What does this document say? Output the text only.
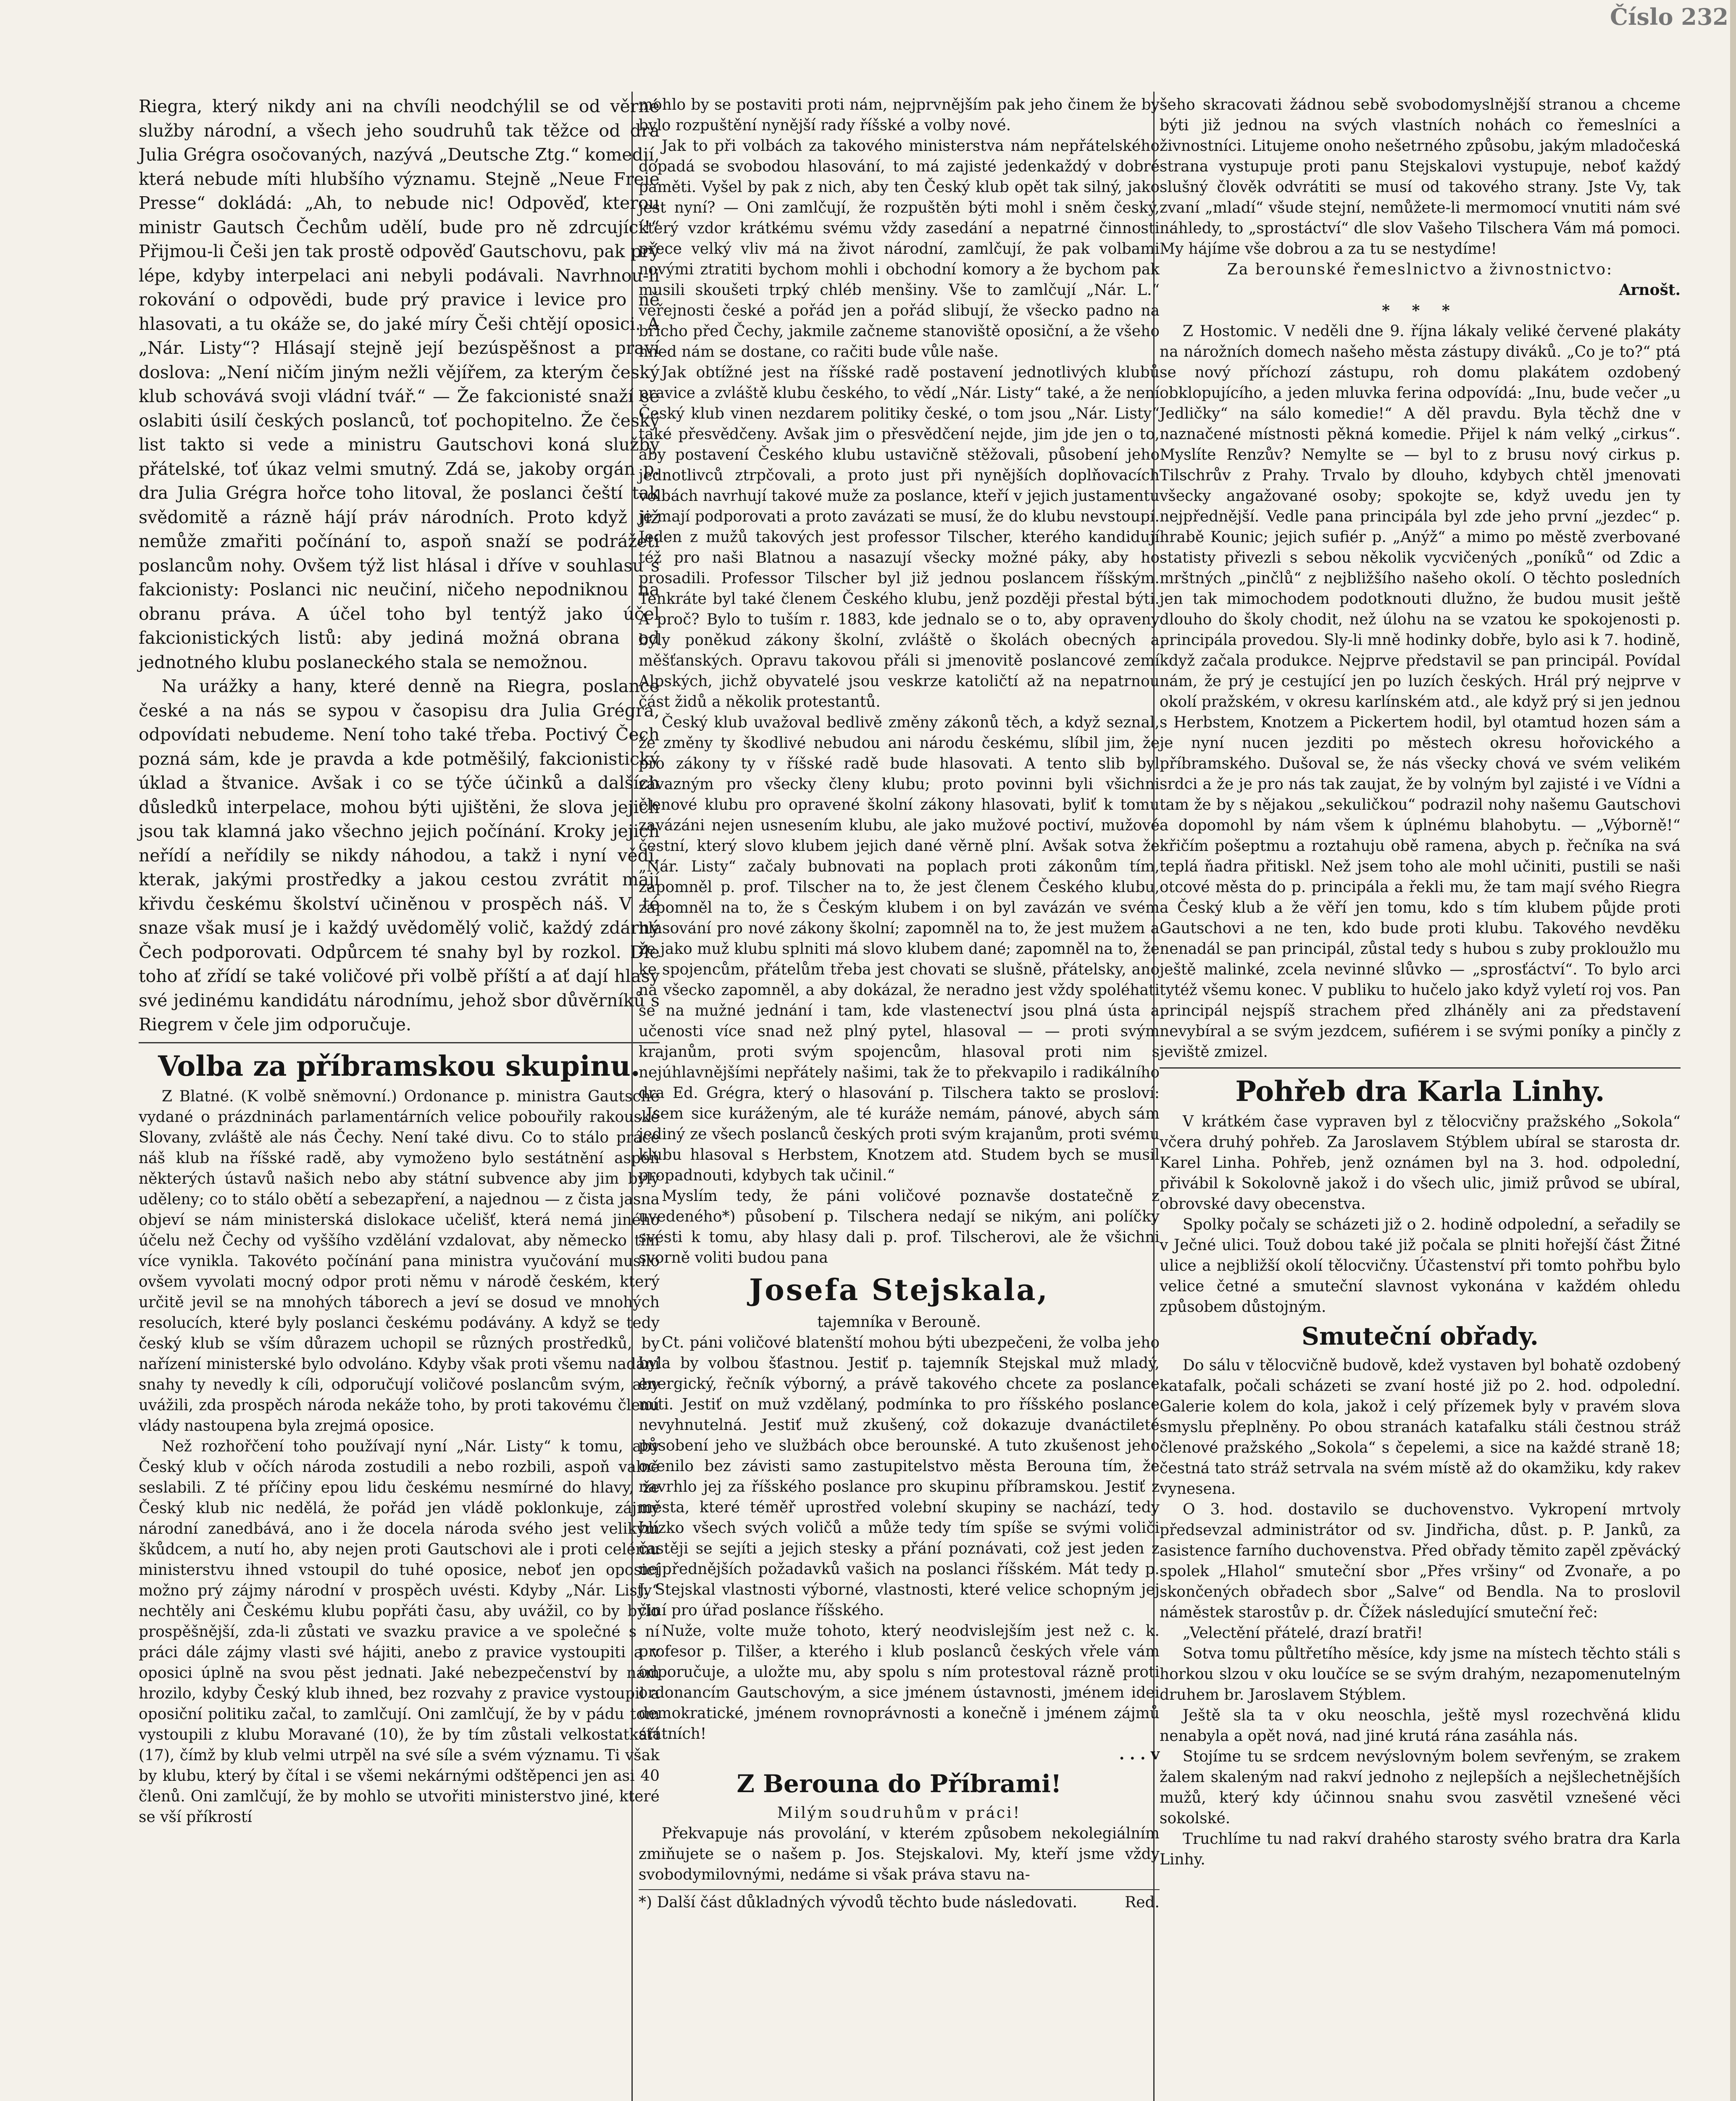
Číslo 232

Riegra, který nikdy ani na chvíli neodchýlil se od věrné služby národní, a všech jeho soudruhů tak těžce od dra Julia Grégra osočovaných, nazývá „Deutsche Ztg.“ komedií, která nebude míti hlubšího významu. Stejně „Neue Freie Presse“ dokládá: „Ah, to nebude nic! Odpověď, kterou ministr Gautsch Čechům udělí, bude pro ně zdrcující!“ Přijmou-li Češi jen tak prostě odpověď Gautschovu, pak prý lépe, kdyby interpelaci ani nebyli podávali. Navrhnou-li rokování o odpovědi, bude prý pravice i levice pro ně hlasovati, a tu okáže se, do jaké míry Češi chtějí oposici. A „Nár. Listy“? Hlásají stejně její bezúspěšnost a praví doslova: „Není ničím jiným nežli vějířem, za kterým český klub schovává svoji vládní tvář.“ — Že fakcionisté snaží se oslabiti úsilí českých poslanců, toť pochopitelno. Že český list takto si vede a ministru Gautschovi koná služby přátelské, toť úkaz velmi smutný. Zdá se, jakoby orgán p. dra Julia Grégra hořce toho litoval, že poslanci čeští tak svědomitě a rázně hájí práv národních. Proto když již nemůže zmařiti počínání to, aspoň snaží se podrážeti poslancům nohy. Ovšem týž list hlásal i dříve v souhlasu s fakcionisty: Poslanci nic neučiní, ničeho nepodniknou na obranu práva. A účel toho byl tentýž jako účel fakcionistických listů: aby jediná možná obrana od jednotného klubu poslaneckého stala se nemožnou.

Na urážky a hany, které denně na Riegra, poslance české a na nás se sypou v časopisu dra Julia Grégra, odpovídati nebudeme. Není toho také třeba. Poctivý Čech pozná sám, kde je pravda a kde potměšilý, fakcionistický úklad a štvanice. Avšak i co se týče účinků a dalších důsledků interpelace, mohou býti ujištěni, že slova jejich jsou tak klamná jako všechno jejich počínání. Kroky jejich neřídí a neřídily se nikdy náhodou, a takž i nyní vědí, kterak, jakými prostředky a jakou cestou zvrátit mají křivdu českému školství učiněnou v prospěch náš. V té snaze však musí je i každý uvědomělý volič, každý zdárný Čech podporovati. Odpůrcem té snahy byl by rozkol. Dle toho ať zřídí se také voličové při volbě příští a ať dají hlasy své jedinému kandidátu národnímu, jehož sbor důvěrníků s Riegrem v čele jim odporučuje.

Volba za příbramskou skupinu.

Z Blatné. (K volbě sněmovní.) Ordonance p. ministra Gautsche vydané o prázdninách parlamentárních velice pobouřily rakouské Slovany, zvláště ale nás Čechy. Není také divu. Co to stálo práce náš klub na říšské radě, aby vymoženo bylo sestátnění aspoň některých ústavů našich nebo aby státní subvence aby jim byly uděleny; co to stálo obětí a sebezapření, a najednou — z čista jasna objeví se nám ministerská dislokace učelišť, která nemá jiného účelu než Čechy od vyššího vzdělání vzdalovat, aby německo tím více vynikla. Takovéto počínání pana ministra vyučování musilo ovšem vyvolati mocný odpor proti němu v národě českém, který určitě jevil se na mnohých táborech a jeví se dosud ve mnohých resolucích, které byly poslanci českému podávány. A když se tedy český klub se vším důrazem uchopil se různých prostředků, by nařízení ministerské bylo odvoláno. Kdyby však proti všemu nadání snahy ty nevedly k cíli, odporučují voličové poslancům svým, aby uvážili, zda prospěch národa nekáže toho, by proti takovému členu vlády nastoupena byla zrejmá oposice.

Než rozhořčení toho používají nyní „Nár. Listy“ k tomu, aby Český klub v očích národa zostudili a nebo rozbili, aspoň valně seslabili. Z té příčiny epou lidu českému nesmírné do hlavy, že Český klub nic nedělá, že pořád jen vládě poklonkuje, zájmy národní zanedbává, ano i že docela národa svého jest velikým škůdcem, a nutí ho, aby nejen proti Gautschovi ale i proti celému ministerstvu ihned vstoupil do tuhé oposice, neboť jen oposicí možno prý zájmy národní v prospěch uvésti. Kdyby „Nár. Listy“ nechtěly ani Českému klubu popřáti času, aby uvážil, co by bylo prospěšnější, zda-li zůstati ve svazku pravice a ve společné s ní práci dále zájmy vlasti své hájiti, anebo z pravice vystoupiti a v oposici úplně na svou pěst jednati. Jaké nebezpečenství by nám hrozilo, kdyby Český klub ihned, bez rozvahy z pravice vystoupil a oposiční politiku začal, to zamlčují. Oni zamlčují, že by v pádu tom vystoupili z klubu Moravané (10), že by tím zůstali velkostatkáři (17), čímž by klub velmi utrpěl na své síle a svém významu. Ti však by klubu, který by čítal i se všemi nekárnými odštěpenci jen asi 40 členů. Oni zamlčují, že by mohlo se utvořiti ministerstvo jiné, které se vší příkrostí

mohlo by se postaviti proti nám, nejprvnějším pak jeho činem že by bylo rozpuštění nynější rady říšské a volby nové.

Jak to při volbách za takového ministerstva nám nepřátelského dopadá se svobodou hlasování, to má zajisté jedenkaždý v dobré paměti. Vyšel by pak z nich, aby ten Český klub opět tak silný, jako jest nyní? — Oni zamlčují, že rozpuštěn býti mohl i sněm český, který vzdor krátkému svému vždy zasedání a nepatrné činnosti přece velký vliv má na život národní, zamlčují, že pak volbami novými ztratiti bychom mohli i obchodní komory a že bychom pak musili skoušeti trpký chléb menšiny. Vše to zamlčují „Nár. L.“ veřejnosti české a pořád jen a pořád slibují, že všecko padno na břicho před Čechy, jakmile začneme stanoviště oposiční, a že všeho hned nám se dostane, co račiti bude vůle naše.

Jak obtížné jest na říšské radě postavení jednotlivých klubů pravice a zvláště klubu českého, to vědí „Nár. Listy“ také, a že není Český klub vinen nezdarem politiky české, o tom jsou „Nár. Listy“ také přesvědčeny. Avšak jim o přesvědčení nejde, jim jde jen o to, aby postavení Českého klubu ustavičně stěžovali, působení jeho jednotlivců ztrpčovali, a proto just při nynějších doplňovacích volbách navrhují takové muže za poslance, kteří v jejich justamentu je mají podporovati a proto zavázati se musí, že do klubu nevstoupí. Jeden z mužů takových jest professor Tilscher, kterého kandidují též pro naši Blatnou a nasazují všecky možné páky, aby ho prosadili. Professor Tilscher byl již jednou poslancem říšským. Tenkráte byl také členem Českého klubu, jenž později přestal býti. A proč? Bylo to tuším r. 1883, kde jednalo se o to, aby opraveny byly poněkud zákony školní, zvláště o školách obecných a měšťanských. Opravu takovou přáli si jmenovitě poslancové zemí Alpských, jichž obyvatelé jsou veskrze katoličtí až na nepatrnou část židů a několik protestantů.

Český klub uvažoval bedlivě změny zákonů těch, a když seznal, že změny ty škodlivé nebudou ani národu českému, slíbil jim, že pro zákony ty v říšské radě bude hlasovati. A tento slib byl závazným pro všecky členy klubu; proto povinni byli všichni členové klubu pro opravené školní zákony hlasovati, byliť k tomu zavázáni nejen usnesením klubu, ale jako mužové poctiví, mužové čestní, který slovo klubem jejich dané věrně plní. Avšak sotva že „Nár. Listy“ začaly bubnovati na poplach proti zákonům tím, zapomněl p. prof. Tilscher na to, že jest členem Českého klubu, zapomněl na to, že s Českým klubem i on byl zavázán ve svém hlasování pro nové zákony školní; zapomněl na to, že jest mužem a že jako muž klubu splniti má slovo klubem dané; zapomněl na to, že ke spojencům, přátelům třeba jest chovati se slušně, přátelsky, ano na všecko zapomněl, a aby dokázal, že neradno jest vždy spoléhati se na mužné jednání i tam, kde vlastenectví jsou plná ústa a učenosti více snad než plný pytel, hlasoval — — proti svým krajanům, proti svým spojencům, hlasoval proti nim s nejúhlavnějšími nepřátely našimi, tak že to překvapilo i radikálního dra Ed. Grégra, který o hlasování p. Tilschera takto se prosloví: „Jsem sice kuráženým, ale té kuráže nemám, pánové, abych sám jediný ze všech poslanců českých proti svým krajanům, proti svému klubu hlasoval s Herbstem, Knotzem atd. Studem bych se musil propadnouti, kdybych tak učinil.“

Myslím tedy, že páni voličové poznavše dostatečně z uvedeného*) působení p. Tilschera nedají se nikým, ani políčky svésti k tomu, aby hlasy dali p. prof. Tilscherovi, ale že všichni svorně voliti budou pana

Josefa Stejskala,

tajemníka v Berouně.

Ct. páni voličové blatenští mohou býti ubezpečeni, že volba jeho bylа by volbou šťastnou. Jestiť p. tajemník Stejskal muž mladý, energický, řečník výborný, a právě takového chcete za poslance míti. Jestiť on muž vzdělaný, podmínka to pro říšského poslance nevyhnutelná. Jestiť muž zkušený, což dokazuje dvanáctileté působení jeho ve službách obce berounské. A tuto zkušenost jeho ocenilo bez závisti samo zastupitelstvo města Berouna tím, že navrhlo jej za říšského poslance pro skupinu příbramskou. Jestiť z města, které téměř uprostřed volební skupiny se nachází, tedy blízko všech svých voličů a může tedy tím spíše se svými voliči častěji se sejíti a jejich stesky a přání poznávati, což jest jeden z nejpřednějších požadavků vašich na poslanci říšském. Mát tedy p. J. Stejskal vlastnosti výborné, vlastnosti, které velice schopným jej činí pro úřad poslance říšského.

Nuže, volte muže tohoto, který neodvislejším jest než c. k. profesor p. Tilšer, a kterého i klub poslanců českých vřele vám odporučuje, a uložte mu, aby spolu s ním protestoval rázně proti ordonancím Gautschovým, a sice jménem ústavnosti, jménem idei demokratické, jménem rovnoprávnosti a konečně i jménem zájmů státních!

. . . v

Z Berouna do Příbrami!

Milým soudruhům v práci!

Překvapuje nás provolání, v kterém způsobem nekolegiálním zmiňujete se o našem p. Jos. Stejskalovi. My, kteří jsme vždy svobodymilovnými, nedáme si však práva stavu na-

*) Další část důkladných vývodů těchto bude následovati.	Red.

šeho skracovati žádnou sebě svobodomyslnější stranou a chceme býti již jednou na svých vlastních nohách co řemeslníci a živnostníci. Litujeme onoho nešetrného způsobu, jakým mladočeská strana vystupuje proti panu Stejskalovi vystupuje, neboť každý slušný člověk odvrátiti se musí od takového strany. Jste Vy, tak zvaní „mladí“ všude stejní, nemůžete-li mermomocí vnutiti nám své náhledy, to „sprostáctví“ dle slov Vašeho Tilschera Vám má pomoci. My hájíme vše dobrou a za tu se nestydíme!

Za berounské řemeslnictvo a živnostnictvo:

Arnošt.

* * *

Z Hostomic. V neděli dne 9. října lákaly veliké červené plakáty na nárožních domech našeho města zástupy diváků. „Co je to?“ ptá se nový příchozí zástupu, roh domu plakátem ozdobený obklopujícího, a jeden mluvka ferina odpovídá: „Inu, bude večer „u Jedličky“ na sálo komedie!“ A děl pravdu. Byla těchž dne v naznačené místnosti pěkná komedie. Přijel k nám velký „cirkus“. Myslíte Renzův? Nemylte se — byl to z brusu nový cirkus p. Tilschrův z Prahy. Trvalo by dlouho, kdybych chtěl jmenovati všecky angažované osoby; spokojte se, když uvedu jen ty nejpřednější. Vedle pana principála byl zde jeho první „jezdec“ p. hrabě Kounic; jejich sufiér p. „Anýž“ a mimo po městě zverbované statisty přivezli s sebou několik vycvičených „poníků“ od Zdic a mrštných „pinčlů“ z nejbližšího našeho okolí. O těchto posledních jen tak mimochodem podotknouti dlužno, že budou musit ještě dlouho do školy chodit, než úlohu na se vzatou ke spokojenosti p. principála provedou. Sly-li mně hodinky dobře, bylo asi k 7. hodině, když začala produkce. Nejprve představil se pan principál. Povídal nám, že prý je cestující jen po luzích českých. Hrál prý nejprve v okolí pražském, v okresu karlínském atd., ale když prý si jen jednou s Herbstem, Knotzem a Pickertem hodil, byl otamtud hozen sám a je nyní nucen jezditi po městech okresu hořovického a příbramského. Dušoval se, že nás všecky chová ve svém velikém srdci a že je pro nás tak zaujat, že by volným byl zajisté i ve Vídni a tam že by s nějakou „sekuličkou“ podrazil nohy našemu Gautschovi a dopomohl by nám všem k úplnému blahobytu. — „Výborně!“ křičím pošeptmu a roztahuju obě ramena, abych p. řečníka na svá teplá ňadra přitiskl. Než jsem toho ale mohl učiniti, pustili se naši otcové města do p. principála a řekli mu, že tam mají svého Riegra a Český klub a že věří jen tomu, kdo s tím klubem půjde proti Gautschovi a ne ten, kdo bude proti klubu. Takového nevděku nenadál se pan principál, zůstal tedy s hubou s zuby prokloužlo mu ještě malinké, zcela nevinné slůvko — „sprosťáctví“. To bylo arci tytéž všemu konec. V publiku to hučelo jako když vyletí roj vos. Pan principál nejspíš strachem před zlháněly ani za představení nevybíral a se svým jezdcem, sufiérem i se svými poníky a pinčly z jeviště zmizel.

Pohřeb dra Karla Linhy.

V krátkém čase vypraven byl z tělocvičny pražského „Sokola“ včera druhý pohřeb. Za Jaroslavem Stýblem ubíral se starosta dr. Karel Linha. Pohřeb, jenž oznámen byl na 3. hod. odpolední, přivábil k Sokolovně jakož i do všech ulic, jimiž průvod se ubíral, obrovské davy obecenstva.

Spolky počaly se scházeti již o 2. hodině odpolední, a seřadily se v Ječné ulici. Touž dobou také již počala se plniti hořejší část Žitné ulice a nejbližší okolí tělocvičny. Účastenství při tomto pohřbu bylo velice četné a smuteční slavnost vykonána v každém ohledu způsobem důstojným.

Smuteční obřady.

Do sálu v tělocvičně budově, kdež vystaven byl bohatě ozdobený katafalk, počali scházeti se zvaní hosté již po 2. hod. odpolední. Galerie kolem do kola, jakož i celý přízemek byly v pravém slova smyslu přeplněny. Po obou stranách katafalku stáli čestnou stráž členové pražského „Sokola“ s čepelemi, a sice na každé straně 18; čestná tato stráž setrvala na svém místě až do okamžiku, kdy rakev vynesena.

O 3. hod. dostavilo se duchovenstvo. Vykropení mrtvoly předsevzal administrátor od sv. Jindřicha, důst. p. P. Janků, za asistence farního duchovenstva. Před obřady těmito zapěl zpěvácký spolek „Hlahol“ smuteční sbor „Přes vršiny“ od Zvonaře, a po skončených obřadech sbor „Salve“ od Bendla. Na to proslovil náměstek starostův p. dr. Čížek následující smuteční řeč:

„Velectění přátelé, drazí bratři!

Sotva tomu půltřetího měsíce, kdy jsme na místech těchto stáli s horkou slzou v oku loučíce se se svým drahým, nezapomenutelným druhem br. Jaroslavem Stýblem.

Ještě sla ta v oku neoschla, ještě mysl rozechvěná klidu nenabyla a opět nová, nad jiné krutá rána zasáhla nás.

Stojíme tu se srdcem nevýslovným bolem sevřeným, se zrakem žalem skaleným nad rakví jednoho z nejlepších a nejšlechetnějších mužů, který kdy účinnou snahu svou zasvětil vznešené věci sokolské.

Truchlíme tu nad rakví drahého starosty svého bratra dra Karla Linhy.
